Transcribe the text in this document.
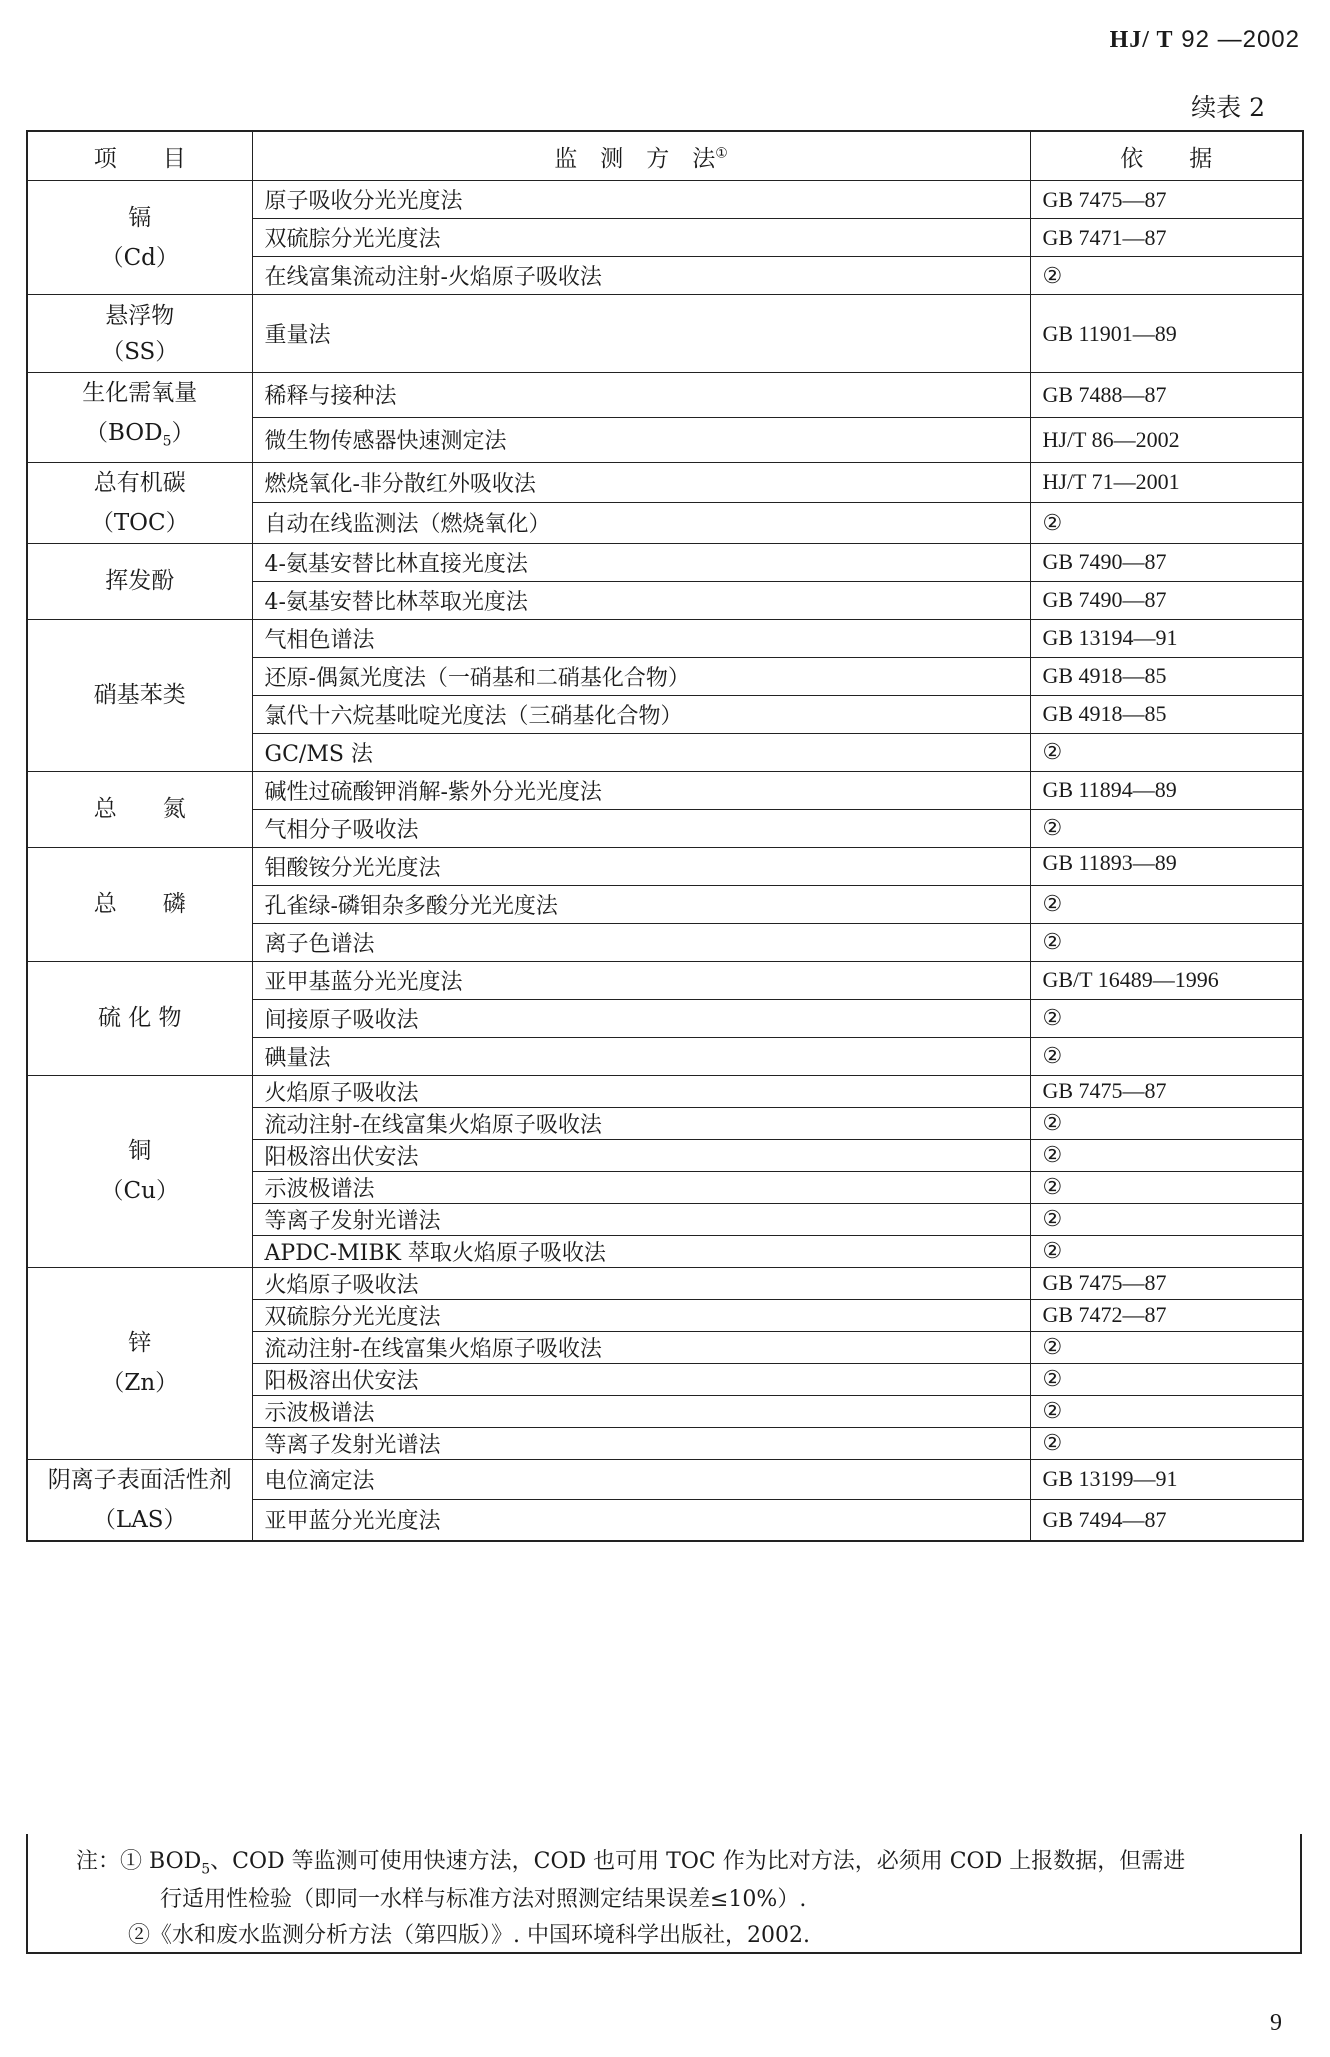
HJ/ T 92 —2002
续表 2
项　　目	监　测　方　法①	依　　据

镉
（Cd）	原子吸收分光光度法	GB 7475—87
	双硫腙分光光度法	GB 7471—87
	在线富集流动注射-火焰原子吸收法	②

悬浮物
（SS）	重量法	GB 11901—89

生化需氧量
$(BOD_5)$	稀释与接种法	GB 7488—87
	微生物传感器快速测定法	HJ/T 86—2002

总有机碳
（TOC）	燃烧氧化-非分散红外吸收法	HJ/T 71—2001
	自动在线监测法（燃烧氧化）	②

挥发酚	4-氨基安替比林直接光度法	GB 7490—87
	4-氨基安替比林萃取光度法	GB 7490—87

硝基苯类	气相色谱法	GB 13194—91
	还原-偶氮光度法（一硝基和二硝基化合物）	GB 4918—85
	氯代十六烷基吡啶光度法（三硝基化合物）	GB 4918—85
	GC/MS 法	②

总　　氮	碱性过硫酸钾消解-紫外分光光度法	GB 11894—89
	气相分子吸收法	②

总　　磷	钼酸铵分光光度法	GB 11893—89
	孔雀绿-磷钼杂多酸分光光度法	②
	离子色谱法	②

硫 化 物	亚甲基蓝分光光度法	GB/T 16489—1996
	间接原子吸收法	②
	碘量法	②

铜
（Cu）	火焰原子吸收法	GB 7475—87
	流动注射-在线富集火焰原子吸收法	②
	阳极溶出伏安法	②
	示波极谱法	②
	等离子发射光谱法	②
	APDC-MIBK 萃取火焰原子吸收法	②

锌
（Zn）	火焰原子吸收法	GB 7475—87
	双硫腙分光光度法	GB 7472—87
	流动注射-在线富集火焰原子吸收法	②
	阳极溶出伏安法	②
	示波极谱法	②
	等离子发射光谱法	②

阴离子表面活性剂
（LAS）	电位滴定法	GB 13199—91
	亚甲蓝分光光度法	GB 7494—87
注：① $BOD_5$、COD 等监测可使用快速方法，COD 也可用 TOC 作为比对方法，必须用 COD 上报数据，但需进
行适用性检验（即同一水样与标准方法对照测定结果误差≤10%）.
②《水和废水监测分析方法（第四版）》. 中国环境科学出版社，2002.
9
